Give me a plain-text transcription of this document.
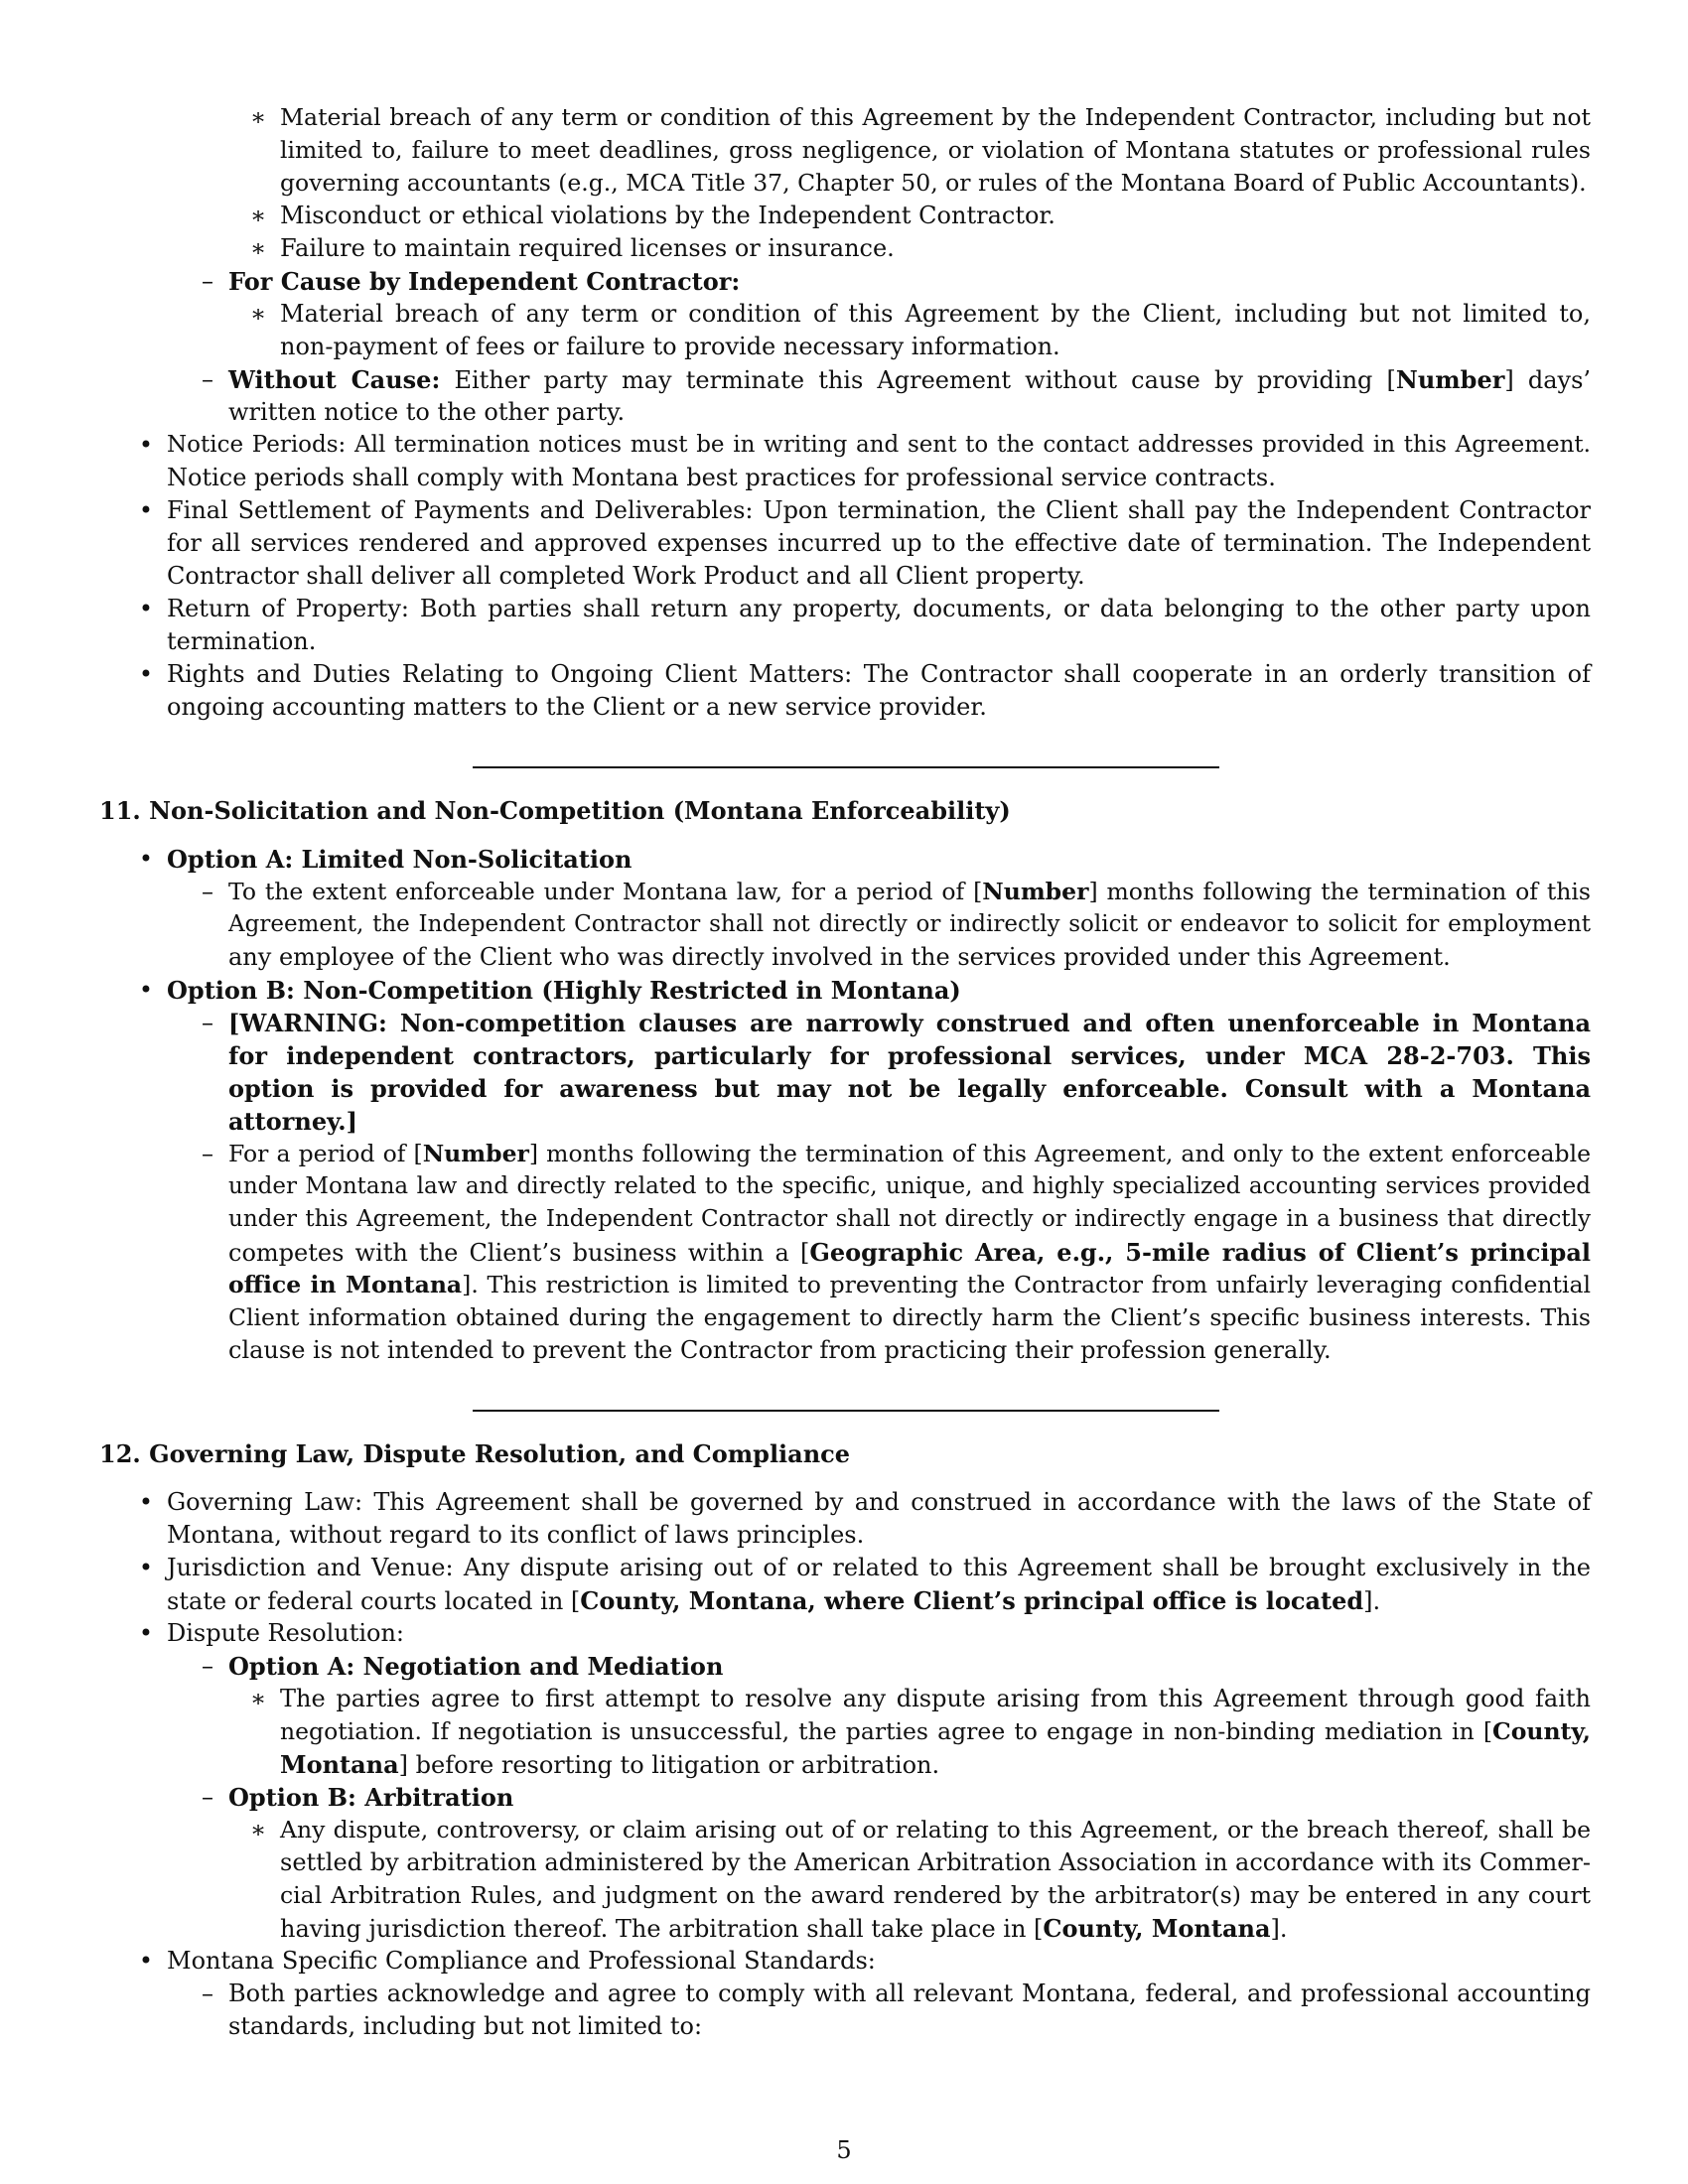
∗ Material breach of any term or condition of this Agreement by the Independent Contractor, including but not
limited to, failure to meet deadlines, gross negligence, or violation of Montana statutes or professional rules
governing accountants (e.g., MCA Title 37, Chapter 50, or rules of the Montana Board of Public Accountants).
∗ Misconduct or ethical violations by the Independent Contractor.
∗ Failure to maintain required licenses or insurance.
– For Cause by Independent Contractor:
∗ Material breach of any term or condition of this Agreement by the Client, including but not limited to,
non-payment of fees or failure to provide necessary information.
– Without Cause: Either party may terminate this Agreement without cause by providing [Number] days’
written notice to the other party.
• Notice Periods: All termination notices must be in writing and sent to the contact addresses provided in this Agreement.
Notice periods shall comply with Montana best practices for professional service contracts.
• Final Settlement of Payments and Deliverables: Upon termination, the Client shall pay the Independent Contractor
for all services rendered and approved expenses incurred up to the effective date of termination. The Independent
Contractor shall deliver all completed Work Product and all Client property.
• Return of Property: Both parties shall return any property, documents, or data belonging to the other party upon
termination.
• Rights and Duties Relating to Ongoing Client Matters: The Contractor shall cooperate in an orderly transition of
ongoing accounting matters to the Client or a new service provider.
11. Non-Solicitation and Non-Competition (Montana Enforceability)
• Option A: Limited Non-Solicitation
– To the extent enforceable under Montana law, for a period of [Number] months following the termination of this
Agreement, the Independent Contractor shall not directly or indirectly solicit or endeavor to solicit for employment
any employee of the Client who was directly involved in the services provided under this Agreement.
• Option B: Non-Competition (Highly Restricted in Montana)
– [WARNING: Non-competition clauses are narrowly construed and often unenforceable in Montana
for independent contractors, particularly for professional services, under MCA 28-2-703. This
option is provided for awareness but may not be legally enforceable. Consult with a Montana
attorney.]
– For a period of [Number] months following the termination of this Agreement, and only to the extent enforceable
under Montana law and directly related to the specific, unique, and highly specialized accounting services provided
under this Agreement, the Independent Contractor shall not directly or indirectly engage in a business that directly
competes with the Client’s business within a [Geographic Area, e.g., 5-mile radius of Client’s principal
office in Montana]. This restriction is limited to preventing the Contractor from unfairly leveraging confidential
Client information obtained during the engagement to directly harm the Client’s specific business interests. This
clause is not intended to prevent the Contractor from practicing their profession generally.
12. Governing Law, Dispute Resolution, and Compliance
• Governing Law: This Agreement shall be governed by and construed in accordance with the laws of the State of
Montana, without regard to its conflict of laws principles.
• Jurisdiction and Venue: Any dispute arising out of or related to this Agreement shall be brought exclusively in the
state or federal courts located in [County, Montana, where Client’s principal office is located].
• Dispute Resolution:
– Option A: Negotiation and Mediation
∗ The parties agree to first attempt to resolve any dispute arising from this Agreement through good faith
negotiation. If negotiation is unsuccessful, the parties agree to engage in non-binding mediation in [County,
Montana] before resorting to litigation or arbitration.
– Option B: Arbitration
∗ Any dispute, controversy, or claim arising out of or relating to this Agreement, or the breach thereof, shall be
settled by arbitration administered by the American Arbitration Association in accordance with its Commer-
cial Arbitration Rules, and judgment on the award rendered by the arbitrator(s) may be entered in any court
having jurisdiction thereof. The arbitration shall take place in [County, Montana].
• Montana Specific Compliance and Professional Standards:
– Both parties acknowledge and agree to comply with all relevant Montana, federal, and professional accounting
standards, including but not limited to:
5
